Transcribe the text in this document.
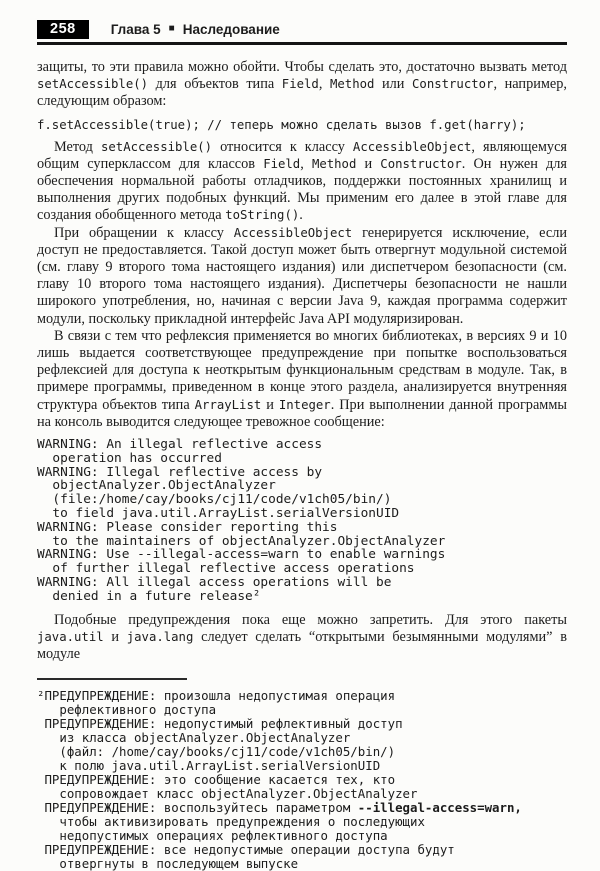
258	Глава 5 ■ Наследование

защиты, то эти правила можно обойти. Чтобы сделать это, достаточно вызвать метод setAccessible() для объектов типа Field, Method или Constructor, например, следующим образом:

f.setAccessible(true); // теперь можно сделать вызов f.get(harry);

Метод setAccessible() относится к классу AccessibleObject, являющемуся общим суперклассом для классов Field, Method и Constructor. Он нужен для обеспечения нормальной работы отладчиков, поддержки постоянных хранилищ и выполнения других подобных функций. Мы применим его далее в этой главе для создания обобщенного метода toString().

При обращении к классу AccessibleObject генерируется исключение, если доступ не предоставляется. Такой доступ может быть отвергнут модульной системой (см. главу 9 второго тома настоящего издания) или диспетчером безопасности (см. главу 10 второго тома настоящего издания). Диспетчеры безопасности не нашли широкого употребления, но, начиная с версии Java 9, каждая программа содержит модули, поскольку прикладной интерфейс Java API модуляризирован.

В связи с тем что рефлексия применяется во многих библиотеках, в версиях 9 и 10 лишь выдается соответствующее предупреждение при попытке воспользоваться рефлексией для доступа к неоткрытым функциональным средствам в модуле. Так, в примере программы, приведенном в конце этого раздела, анализируется внутренняя структура объектов типа ArrayList и Integer. При выполнении данной программы на консоль выводится следующее тревожное сообщение:

WARNING: An illegal reflective access
operation has occurred
WARNING: Illegal reflective access by
objectAnalyzer.ObjectAnalyzer
(file:/home/cay/books/cj11/code/v1ch05/bin/)
to field java.util.ArrayList.serialVersionUID
WARNING: Please consider reporting this
to the maintainers of objectAnalyzer.ObjectAnalyzer
WARNING: Use --illegal-access=warn to enable warnings
of further illegal reflective access operations
WARNING: All illegal access operations will be
denied in a future release²

Подобные предупреждения пока еще можно запретить. Для этого пакеты java.util и java.lang следует сделать “открытыми безымянными модулями” в модуле

²ПРЕДУПРЕЖДЕНИЕ: произошла недопустимая операция
рефлективного доступа
ПРЕДУПРЕЖДЕНИЕ: недопустимый рефлективный доступ
из класса objectAnalyzer.ObjectAnalyzer
(файл: /home/cay/books/cj11/code/v1ch05/bin/)
к полю java.util.ArrayList.serialVersionUID
ПРЕДУПРЕЖДЕНИЕ: это сообщение касается тех, кто
сопровождает класс objectAnalyzer.ObjectAnalyzer
ПРЕДУПРЕЖДЕНИЕ: воспользуйтесь параметром --illegal-access=warn,
чтобы активизировать предупреждения о последующих
недопустимых операциях рефлективного доступа
ПРЕДУПРЕЖДЕНИЕ: все недопустимые операции доступа будут
отвергнуты в последующем выпуске
